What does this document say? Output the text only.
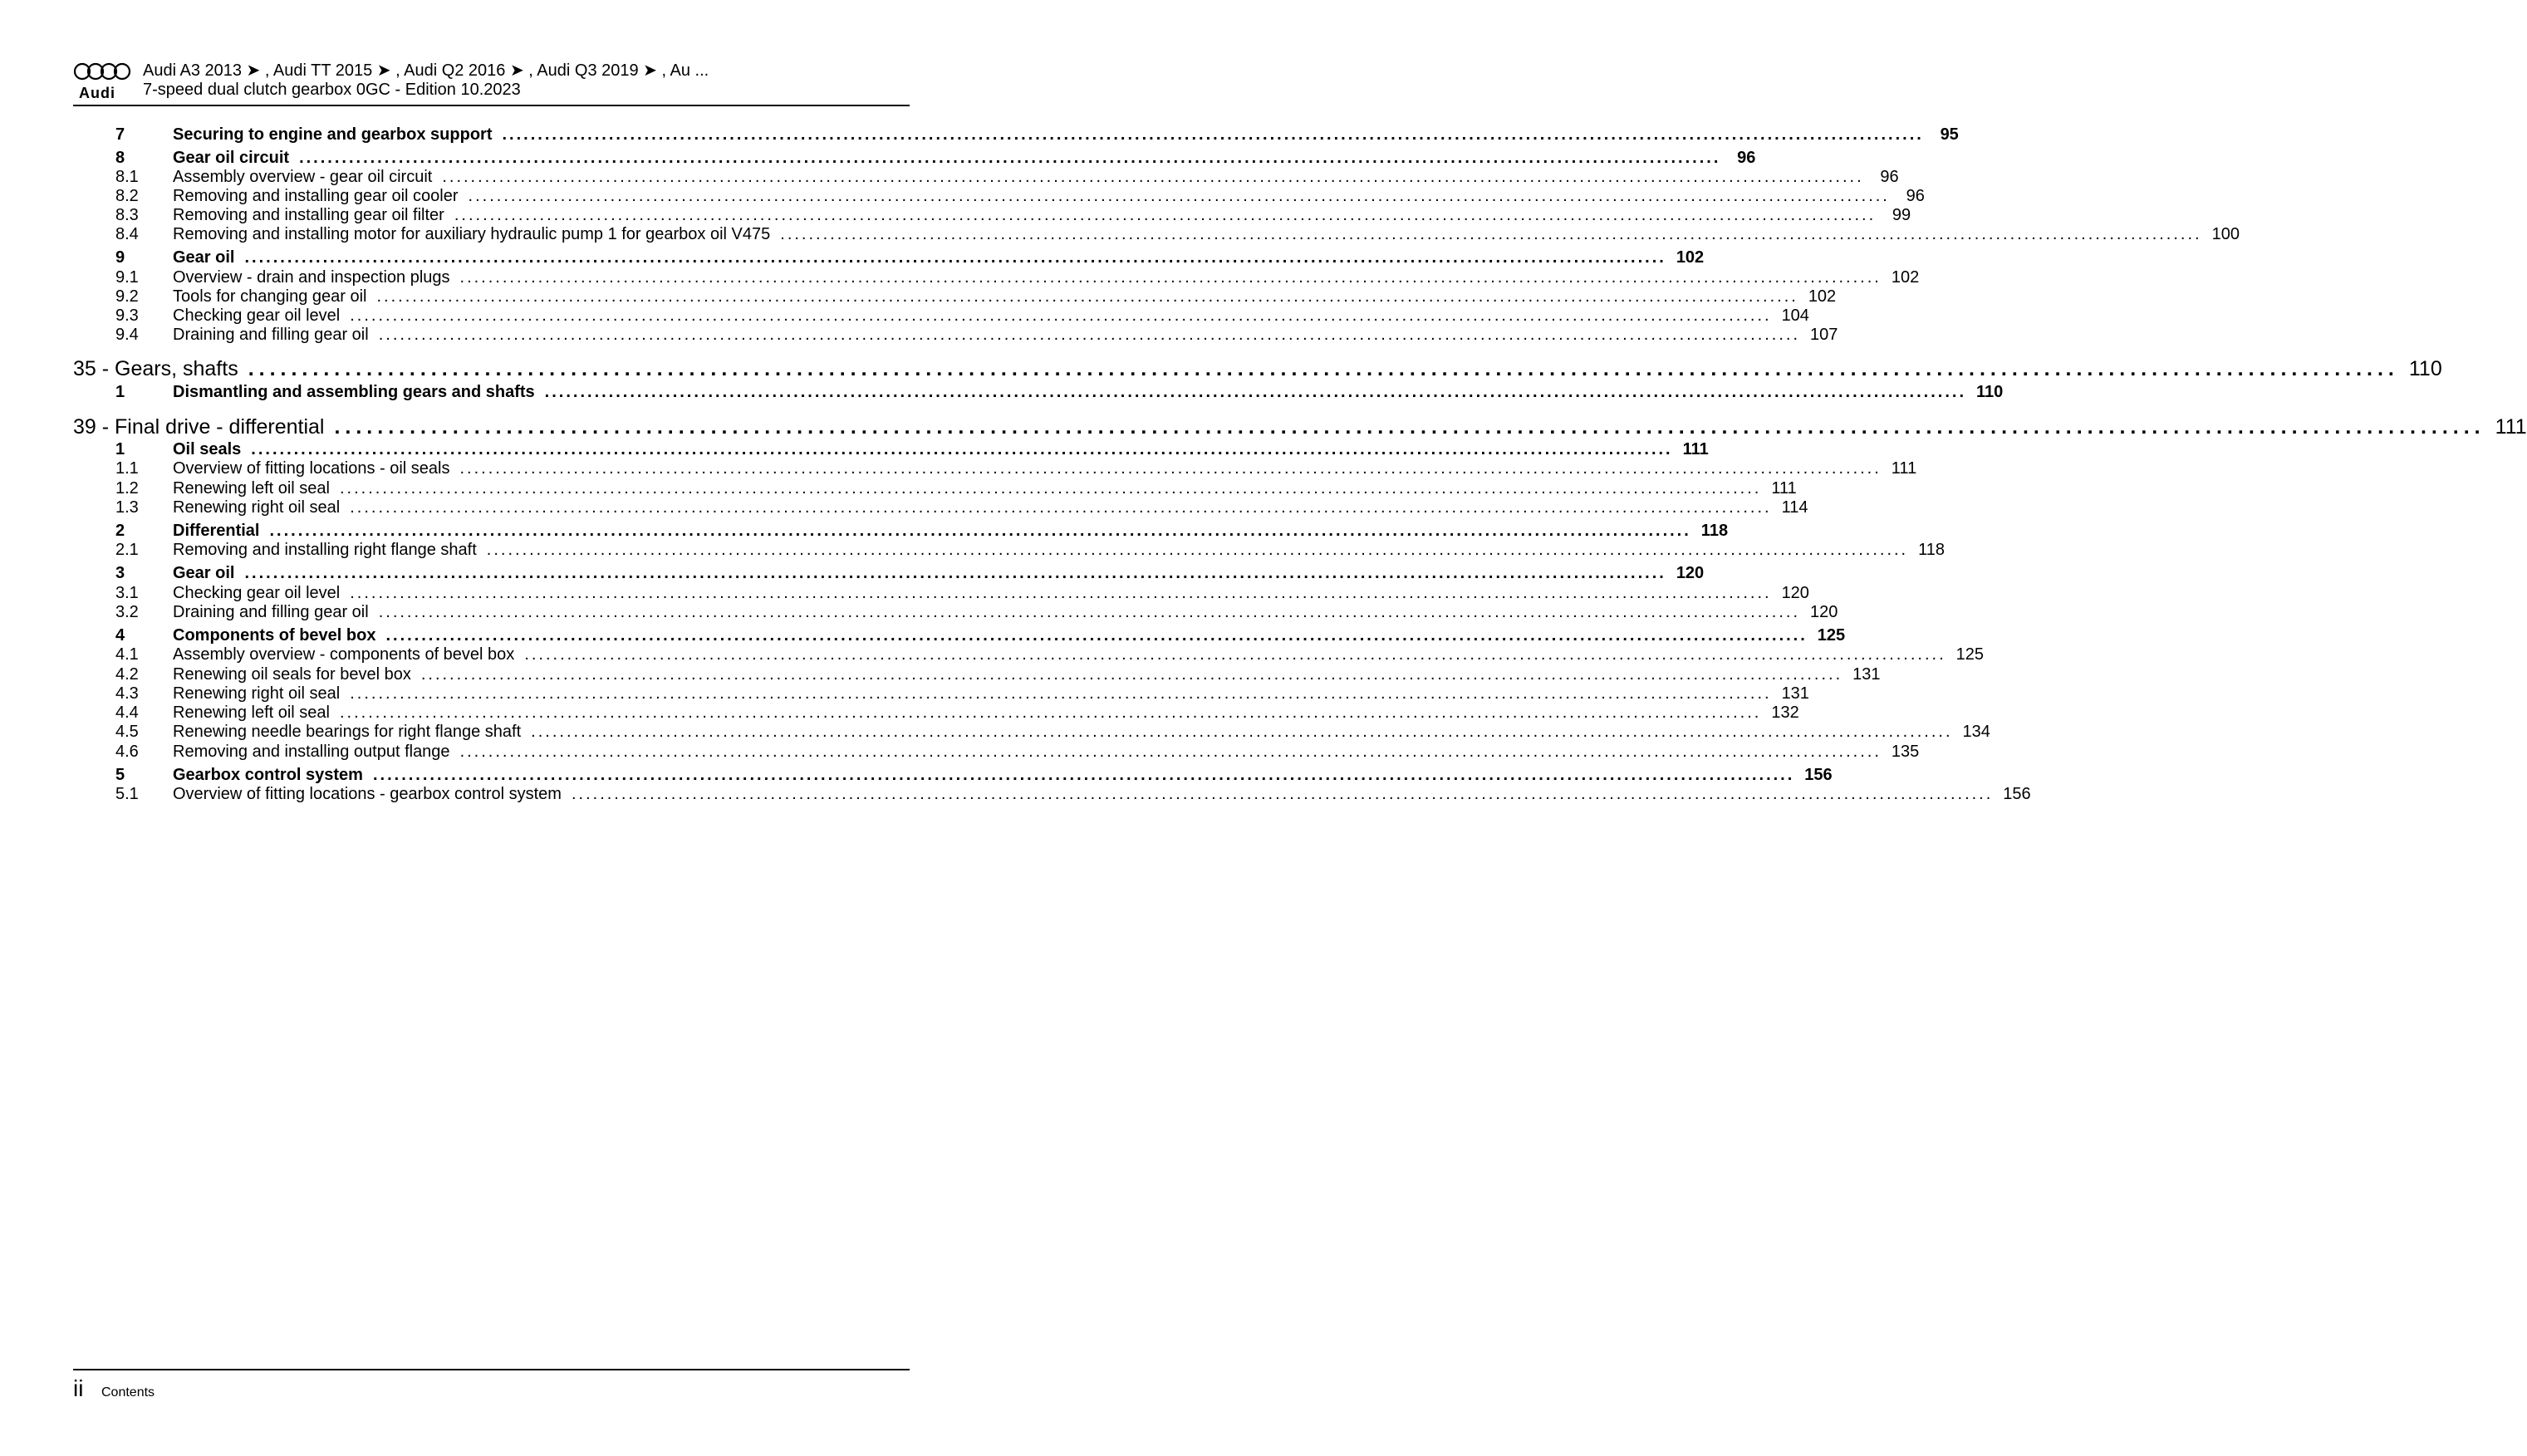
Audi
Audi A3 2013 ➤ , Audi TT 2015 ➤ , Audi Q2 2016 ➤ , Audi Q3 2019 ➤ , Au ...
7-speed dual clutch gearbox 0GC - Edition 10.2023
7	Securing to engine and gearbox support ........................................................................................................................................................................................................ 95
8	Gear oil circuit ........................................................................................................................................................................................................ 96
8.1	Assembly overview - gear oil circuit ........................................................................................................................................................................................................ 96
8.2	Removing and installing gear oil cooler ........................................................................................................................................................................................................ 96
8.3	Removing and installing gear oil filter ........................................................................................................................................................................................................ 99
8.4	Removing and installing motor for auxiliary hydraulic pump 1 for gearbox oil V475 ........................................................................................................................................................................................................ 100
9	Gear oil ........................................................................................................................................................................................................ 102
9.1	Overview - drain and inspection plugs ........................................................................................................................................................................................................ 102
9.2	Tools for changing gear oil ........................................................................................................................................................................................................ 102
9.3	Checking gear oil level ........................................................................................................................................................................................................ 104
9.4	Draining and filling gear oil ........................................................................................................................................................................................................ 107
35 - Gears, shafts ........................................................................................................................................................................................................ 110
1	Dismantling and assembling gears and shafts ........................................................................................................................................................................................................ 110
39 - Final drive - differential ........................................................................................................................................................................................................ 111
1	Oil seals ........................................................................................................................................................................................................ 111
1.1	Overview of fitting locations - oil seals ........................................................................................................................................................................................................ 111
1.2	Renewing left oil seal ........................................................................................................................................................................................................ 111
1.3	Renewing right oil seal ........................................................................................................................................................................................................ 114
2	Differential ........................................................................................................................................................................................................ 118
2.1	Removing and installing right flange shaft ........................................................................................................................................................................................................ 118
3	Gear oil ........................................................................................................................................................................................................ 120
3.1	Checking gear oil level ........................................................................................................................................................................................................ 120
3.2	Draining and filling gear oil ........................................................................................................................................................................................................ 120
4	Components of bevel box ........................................................................................................................................................................................................ 125
4.1	Assembly overview - components of bevel box ........................................................................................................................................................................................................ 125
4.2	Renewing oil seals for bevel box ........................................................................................................................................................................................................ 131
4.3	Renewing right oil seal ........................................................................................................................................................................................................ 131
4.4	Renewing left oil seal ........................................................................................................................................................................................................ 132
4.5	Renewing needle bearings for right flange shaft ........................................................................................................................................................................................................ 134
4.6	Removing and installing output flange ........................................................................................................................................................................................................ 135
5	Gearbox control system ........................................................................................................................................................................................................ 156
5.1	Overview of fitting locations - gearbox control system ........................................................................................................................................................................................................ 156
ii Contents
